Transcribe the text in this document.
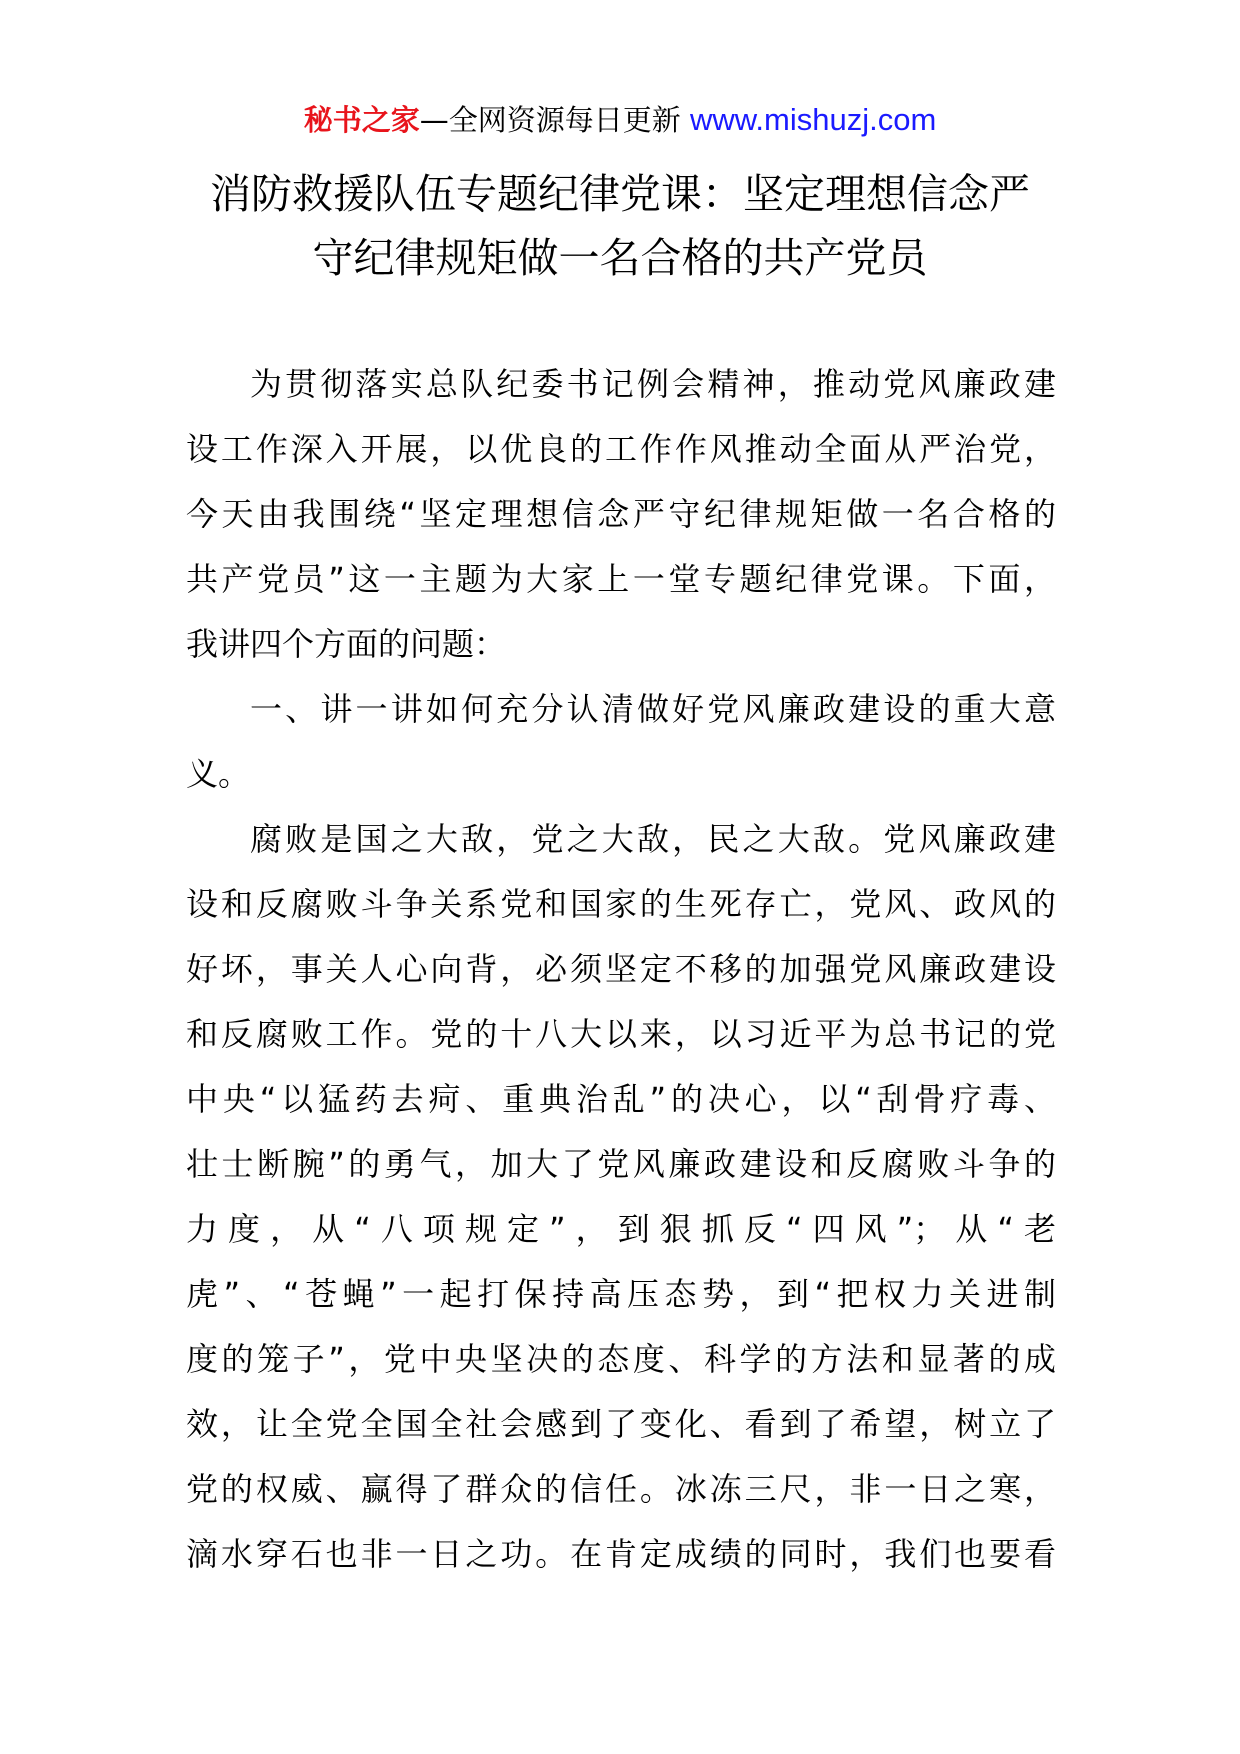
秘书之家—全网资源每日更新 www.mishuzj.com
消防救援队伍专题纪律党课：坚定理想信念严
守纪律规矩做一名合格的共产党员
为贯彻落实总队纪委书记例会精神，推动党风廉政建
设工作深入开展，以优良的工作作风推动全面从严治党，
今天由我围绕“坚定理想信念严守纪律规矩做一名合格的
共产党员”这一主题为大家上一堂专题纪律党课。下面，
我讲四个方面的问题：
一、讲一讲如何充分认清做好党风廉政建设的重大意
义。
腐败是国之大敌，党之大敌，民之大敌。党风廉政建
设和反腐败斗争关系党和国家的生死存亡，党风、政风的
好坏，事关人心向背，必须坚定不移的加强党风廉政建设
和反腐败工作。党的十八大以来，以习近平为总书记的党
中央“以猛药去疴、重典治乱”的决心，以“刮骨疗毒、
壮士断腕”的勇气，加大了党风廉政建设和反腐败斗争的
力度，从“八项规定”，到狠抓反“四风”；从“老
虎”、“苍蝇”一起打保持高压态势，到“把权力关进制
度的笼子”，党中央坚决的态度、科学的方法和显著的成
效，让全党全国全社会感到了变化、看到了希望，树立了
党的权威、赢得了群众的信任。冰冻三尺，非一日之寒，
滴水穿石也非一日之功。在肯定成绩的同时，我们也要看
